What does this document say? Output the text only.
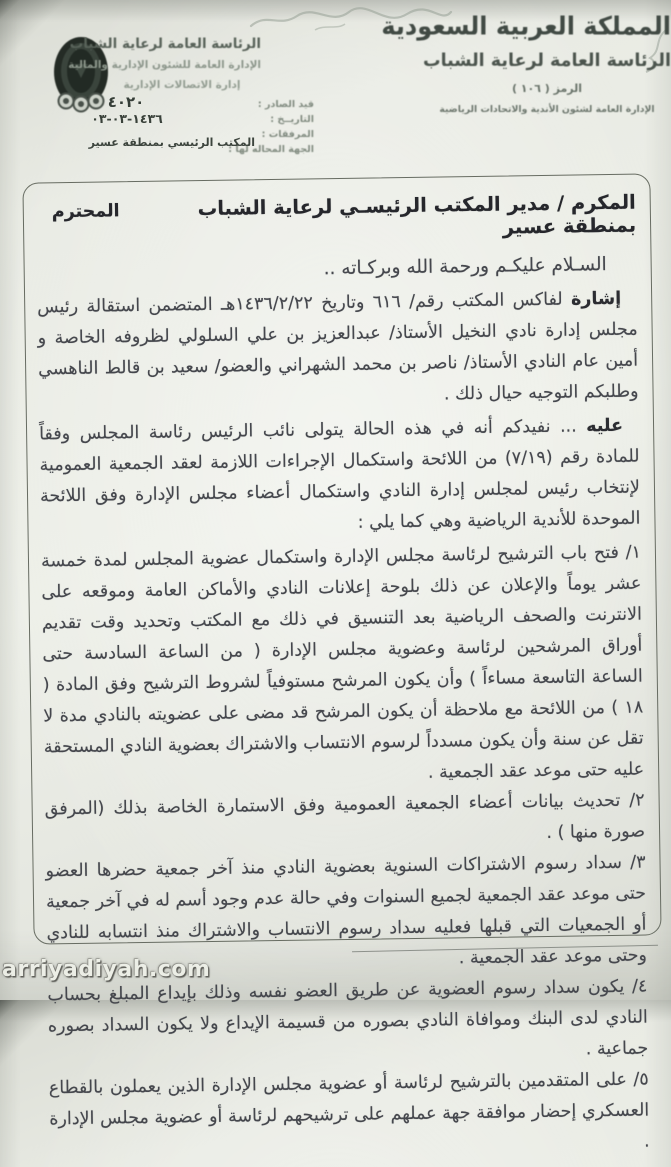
الرئاسة العامة لرعاية الشباب
الإدارة العامة للشئون الإدارية والمالية
إدارة الاتصالات الإدارية
٤٠٢٠
١٤٣٦-٠٣-٠٣
قيد الصادر :
التاريــخ :
المرفقات :
الجهة المحاله لها :
المكتب الرئيسي بمنطقة عسير
المملكة العربية السعودية
الرئاسة العامة لرعاية الشباب
الرمز ( ١٠٦ )
الإدارة العامة لشئون الأندية والاتحادات الرياضية
المكرم / مدير المكتب الرئيسـي لرعاية الشباب بمنطقة عسير
المحترم
السـلام عليكـم ورحمة الله وبركـاته ..

إشارة لفاكس المكتب رقم/ ٦١٦ وتاريخ ١٤٣٦/٢/٢٢هـ المتضمن استقالة رئيس مجلس إدارة نادي النخيل الأستاذ/ عبدالعزيز بن علي السلولي لظروفه الخاصة و أمين عام النادي الأستاذ/ ناصر بن محمد الشهراني والعضو/ سعيد بن قالط الناهسي وطلبكم التوجيه حيال ذلك .

عليه ... نفيدكم أنه في هذه الحالة يتولى نائب الرئيس رئاسة المجلس وفقاً للمادة رقم (٧/١٩) من اللائحة واستكمال الإجراءات اللازمة لعقد الجمعية العمومية لإنتخاب رئيس لمجلس إدارة النادي واستكمال أعضاء مجلس الإدارة وفق اللائحة الموحدة للأندية الرياضية وهي كما يلي :

١/ فتح باب الترشيح لرئاسة مجلس الإدارة واستكمال عضوية المجلس لمدة خمسة عشر يوماً والإعلان عن ذلك بلوحة إعلانات النادي والأماكن العامة وموقعه على الانترنت والصحف الرياضية بعد التنسيق في ذلك مع المكتب وتحديد وقت تقديم أوراق المرشحين لرئاسة وعضوية مجلس الإدارة ( من الساعة السادسة حتى الساعة التاسعة مساءاً ) وأن يكون المرشح مستوفياً لشروط الترشيح وفق المادة ( ١٨ ) من اللائحة مع ملاحظة أن يكون المرشح قد مضى على عضويته بالنادي مدة لا تقل عن سنة وأن يكون مسدداً لرسوم الانتساب والاشتراك بعضوية النادي المستحقة عليه حتى موعد عقد الجمعية .

٢/ تحديث بيانات أعضاء الجمعية العمومية وفق الاستمارة الخاصة بذلك (المرفق صورة منها ) .

٣/ سداد رسوم الاشتراكات السنوية بعضوية النادي منذ آخر جمعية حضرها العضو حتى موعد عقد الجمعية لجميع السنوات وفي حالة عدم وجود أسم له في آخر جمعية أو الجمعيات التي قبلها فعليه سداد رسوم الانتساب والاشتراك منذ انتسابه للنادي وحتى موعد عقد الجمعية .

٤/ يكون سداد رسوم العضوية عن طريق العضو نفسه وذلك بإيداع المبلغ بحساب النادي لدى البنك وموافاة النادي بصوره من قسيمة الإيداع ولا يكون السداد بصوره جماعية .

٥/ على المتقدمين بالترشيح لرئاسة أو عضوية مجلس الإدارة الذين يعملون بالقطاع العسكري إحضار موافقة جهة عملهم على ترشيحهم لرئاسة أو عضوية مجلس الإدارة .

arriyadiyah.com
